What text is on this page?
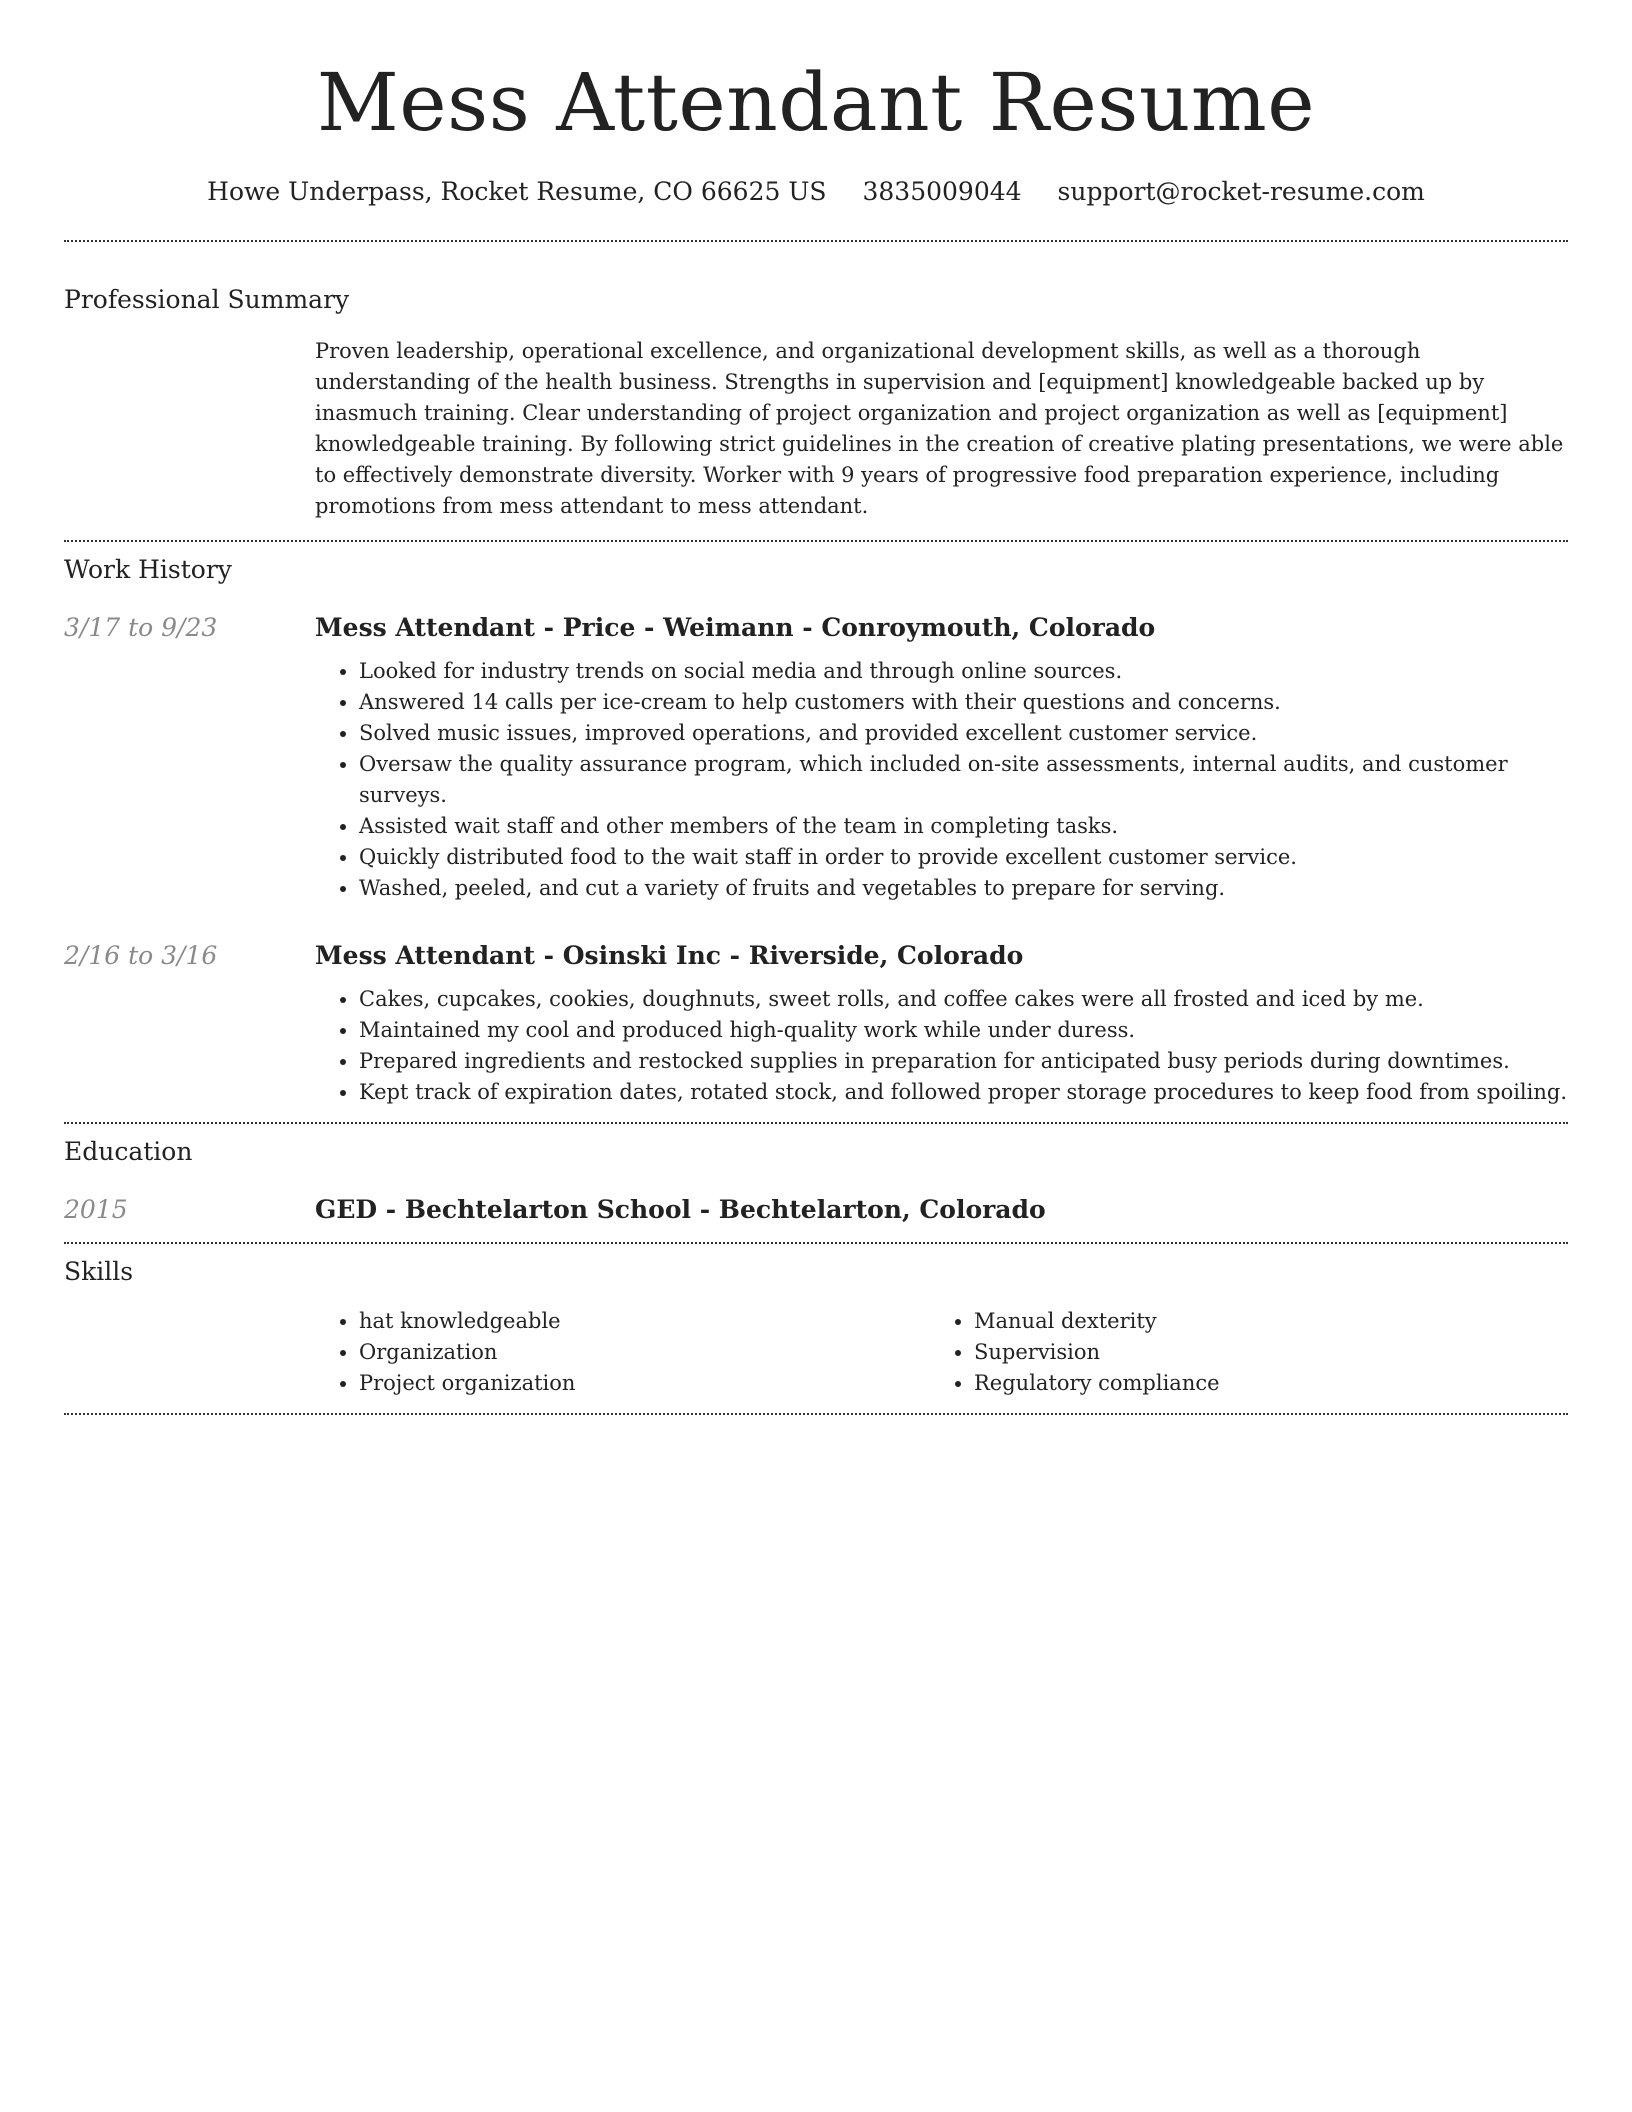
Mess Attendant Resume
Howe Underpass, Rocket Resume, CO 66625 US 3835009044 support@rocket-resume.com
Professional Summary

Proven leadership, operational excellence, and organizational development skills, as well as a thorough understanding of the health business. Strengths in supervision and [equipment] knowledgeable backed up by inasmuch training. Clear understanding of project organization and project organization as well as [equipment] knowledgeable training. By following strict guidelines in the creation of creative plating presentations, we were able to effectively demonstrate diversity. Worker with 9 years of progressive food preparation experience, including promotions from mess attendant to mess attendant.

Work History
3/17 to 9/23	Mess Attendant - Price - Weimann - Conroymouth, Colorado
• Looked for industry trends on social media and through online sources.
• Answered 14 calls per ice-cream to help customers with their questions and concerns.
• Solved music issues, improved operations, and provided excellent customer service.
• Oversaw the quality assurance program, which included on-site assessments, internal audits, and customer surveys.
• Assisted wait staff and other members of the team in completing tasks.
• Quickly distributed food to the wait staff in order to provide excellent customer service.
• Washed, peeled, and cut a variety of fruits and vegetables to prepare for serving.
2/16 to 3/16	Mess Attendant - Osinski Inc - Riverside, Colorado
• Cakes, cupcakes, cookies, doughnuts, sweet rolls, and coffee cakes were all frosted and iced by me.
• Maintained my cool and produced high-quality work while under duress.
• Prepared ingredients and restocked supplies in preparation for anticipated busy periods during downtimes.
• Kept track of expiration dates, rotated stock, and followed proper storage procedures to keep food from spoiling.
Education
2015	GED - Bechtelarton School - Bechtelarton, Colorado
Skills
• hat knowledgeable
• Organization
• Project organization
• Manual dexterity
• Supervision
• Regulatory compliance
